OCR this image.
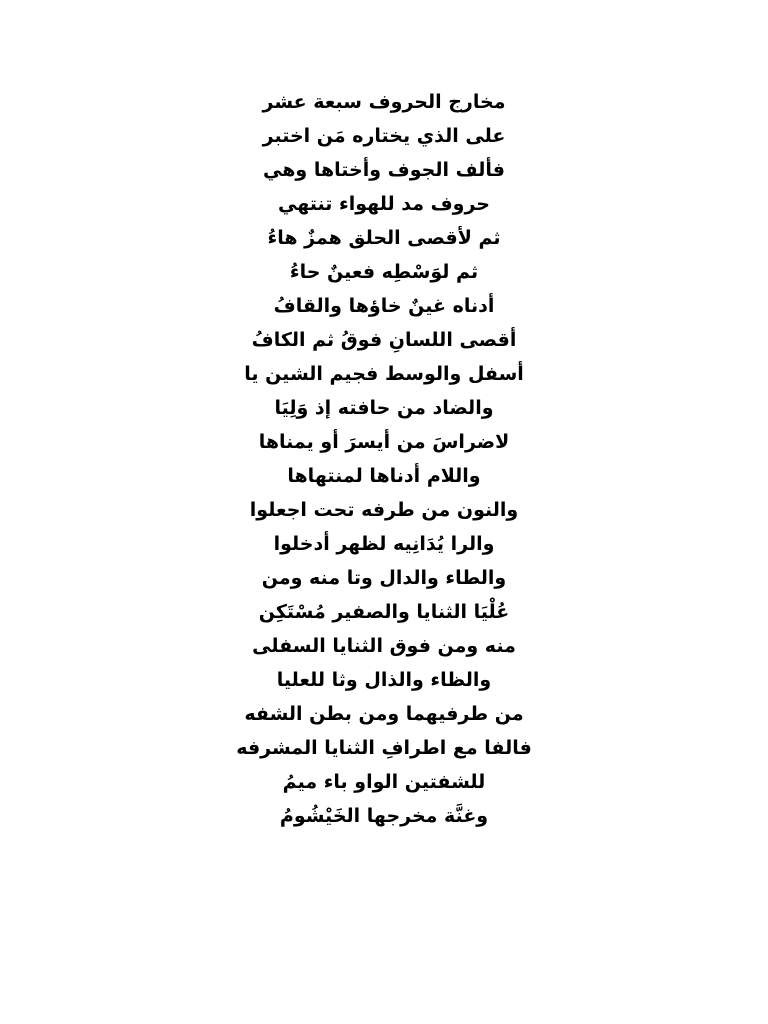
مخارج الحروف سبعة عشر
على الذي يختاره مَن اختبر
فألف الجوف وأختاها وهي
حروف مد للهواء تنتهي
ثم لأقصى الحلق همزٌ هاءُ
ثم لوَسْطِه فعينٌ حاءُ
أدناه غينٌ خاؤها والقافُ
أقصى اللسانِ فوقُ ثم الكافُ
أسفل والوسط فجيم الشين يا
والضاد من حافته إذ وَلِيَا
لاضراسَ من أيسرَ أو يمناها
واللام أدناها لمنتهاها
والنون من طرفه تحت اجعلوا
والرا يُدَانِيه لظهر أدخلوا
والطاء والدال وتا منه ومن
عُلْيَا الثنايا والصفير مُسْتَكِن
منه ومن فوق الثنايا السفلى
والظاء والذال وثا للعليا
من طرفيهما ومن بطن الشفه
فالفا مع اطرافِ الثنايا المشرفه
للشفتين الواو باء ميمُ
وغنَّة مخرجها الخَيْشُومُ
